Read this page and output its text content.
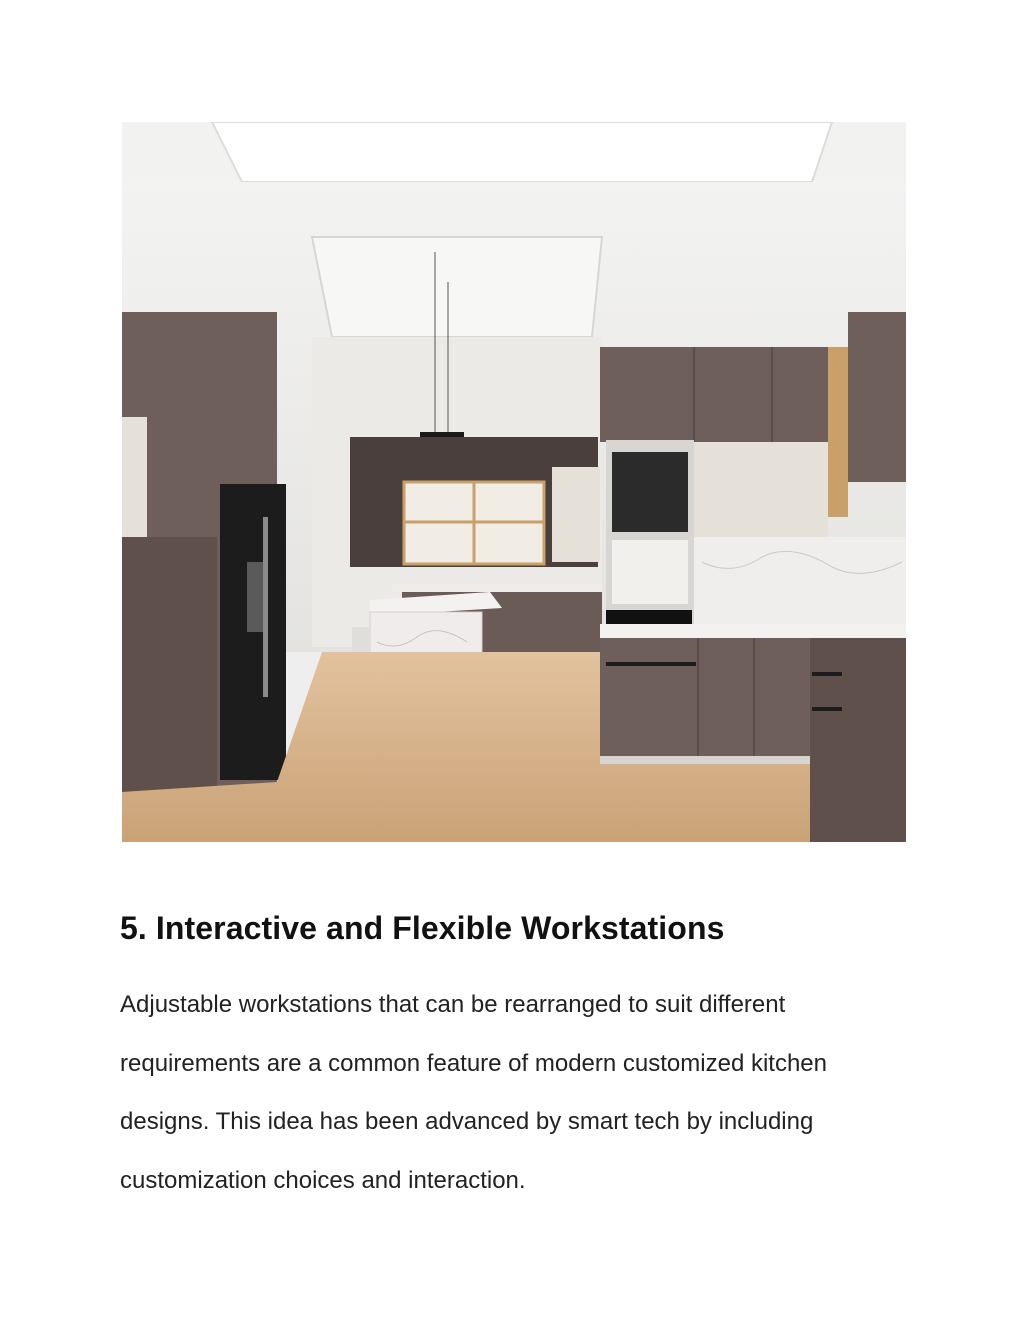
5. Interactive and Flexible Workstations

Adjustable workstations that can be rearranged to suit different requirements are a common feature of modern customized kitchen designs. This idea has been advanced by smart tech by including customization choices and interaction.
